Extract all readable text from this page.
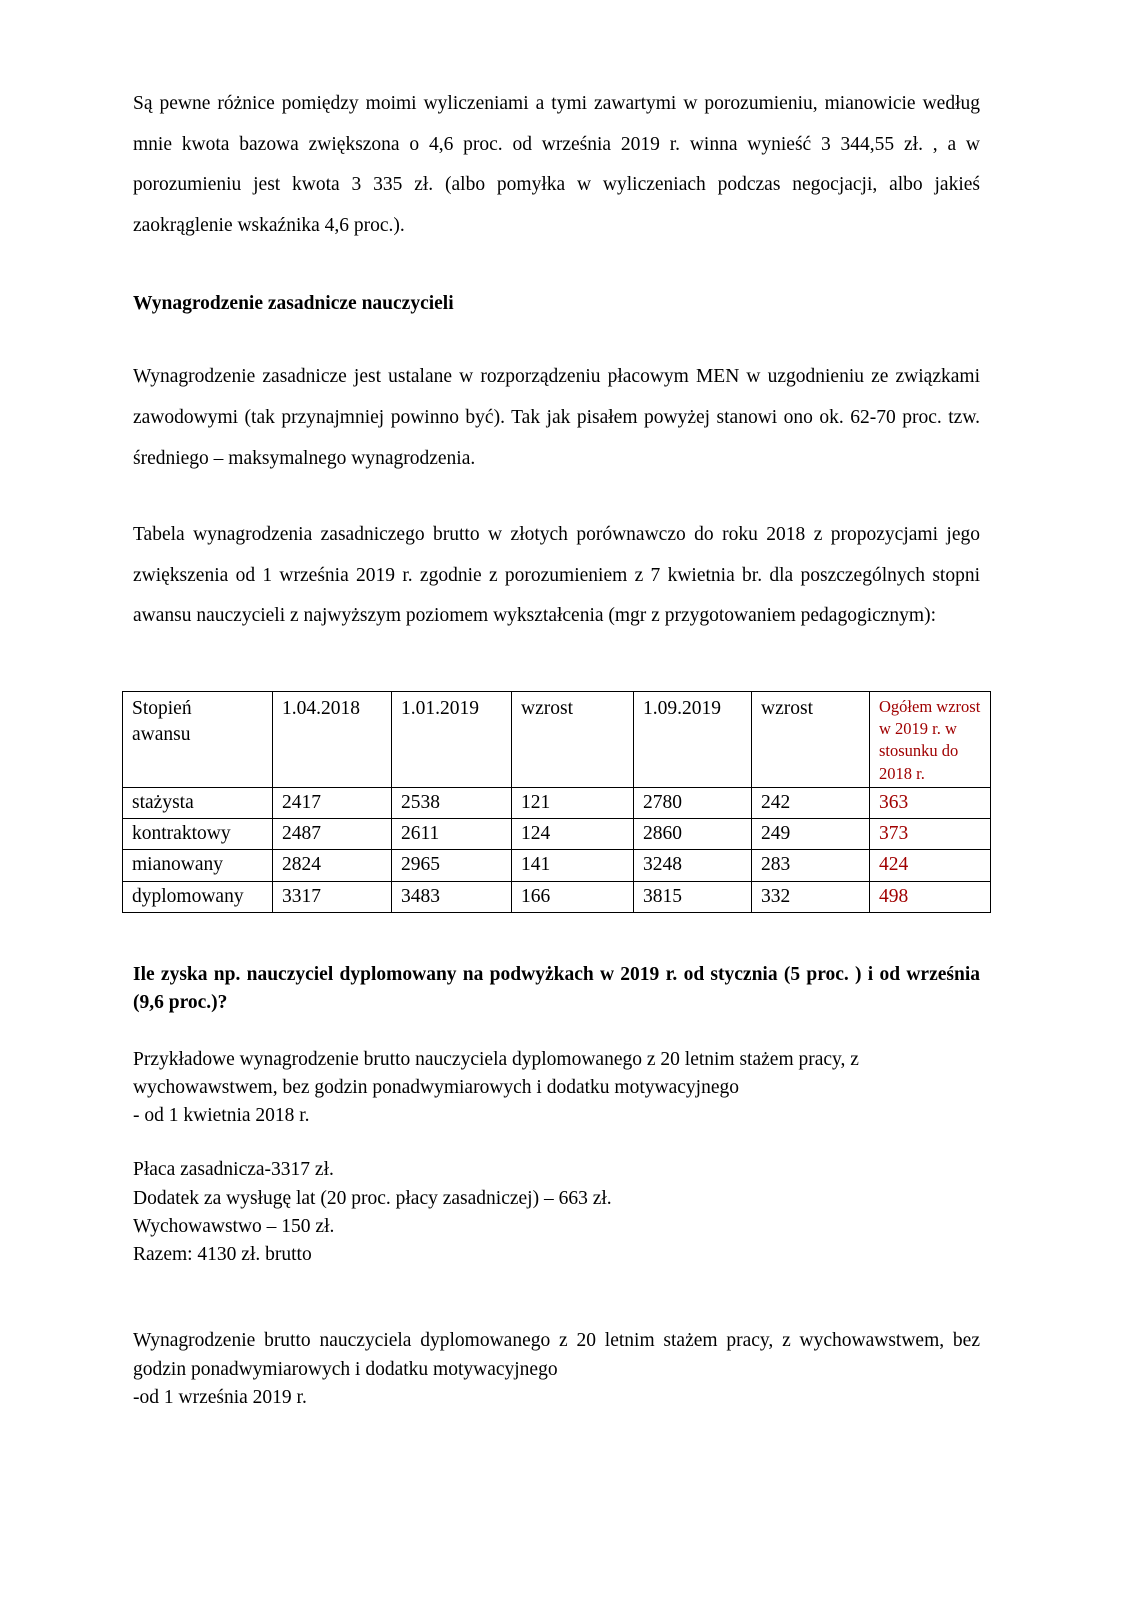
Są pewne różnice pomiędzy moimi wyliczeniami a tymi zawartymi w porozumieniu, mianowicie według mnie kwota bazowa zwiększona o 4,6 proc. od września 2019 r. winna wynieść 3 344,55 zł. , a w porozumieniu jest kwota 3 335 zł. (albo pomyłka w wyliczeniach podczas negocjacji, albo jakieś zaokrąglenie wskaźnika 4,6 proc.).

Wynagrodzenie zasadnicze nauczycieli
Wynagrodzenie zasadnicze jest ustalane w rozporządzeniu płacowym MEN w uzgodnieniu ze związkami zawodowymi (tak przynajmniej powinno być). Tak jak pisałem powyżej stanowi ono ok. 62-70 proc. tzw. średniego – maksymalnego wynagrodzenia.

Tabela wynagrodzenia zasadniczego brutto w złotych porównawczo do roku 2018 z propozycjami jego zwiększenia od 1 września 2019 r. zgodnie z porozumieniem z 7 kwietnia br. dla poszczególnych stopni awansu nauczycieli z najwyższym poziomem wykształcenia (mgr z przygotowaniem pedagogicznym):

Stopień awansu	1.04.2018	1.01.2019	wzrost	1.09.2019	wzrost	Ogółem wzrost w 2019 r. w stosunku do 2018 r.
stażysta	2417	2538	121	2780	242	363
kontraktowy	2487	2611	124	2860	249	373
mianowany	2824	2965	141	3248	283	424
dyplomowany	3317	3483	166	3815	332	498
Ile zyska np. nauczyciel dyplomowany na podwyżkach w 2019 r. od stycznia (5 proc. ) i od września (9,6 proc.)?
Przykładowe wynagrodzenie brutto nauczyciela dyplomowanego z 20 letnim stażem pracy, z wychowawstwem, bez godzin ponadwymiarowych i dodatku motywacyjnego
- od 1 kwietnia 2018 r.
Płaca zasadnicza-3317 zł.
Dodatek za wysługę lat (20 proc. płacy zasadniczej) – 663 zł.
Wychowawstwo – 150 zł.
Razem: 4130 zł. brutto
Wynagrodzenie brutto nauczyciela dyplomowanego z 20 letnim stażem pracy, z wychowawstwem, bez godzin ponadwymiarowych i dodatku motywacyjnego
-od 1 września 2019 r.
